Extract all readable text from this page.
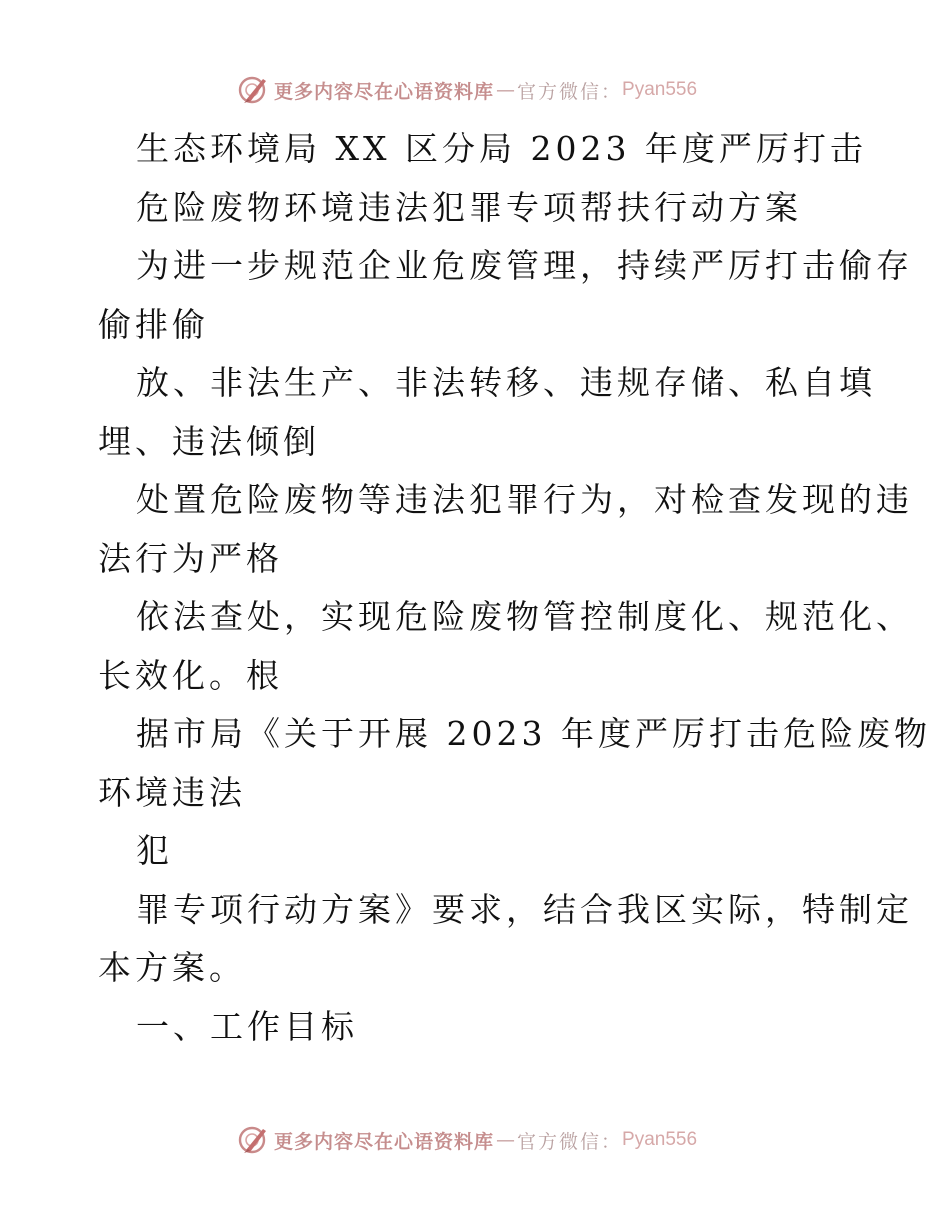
更多内容尽在心语资料库 — 官方微信： Pyan556
生态环境局 XX 区分局 2023 年度严厉打击
危险废物环境违法犯罪专项帮扶行动方案
为进一步规范企业危废管理，持续严厉打击偷存
偷排偷
放、非法生产、非法转移、违规存储、私自填
埋、违法倾倒
处置危险废物等违法犯罪行为，对检查发现的违
法行为严格
依法查处，实现危险废物管控制度化、规范化、
长效化。根
据市局《关于开展 2023 年度严厉打击危险废物
环境违法
犯
罪专项行动方案》要求，结合我区实际，特制定
本方案。
一、工作目标
更多内容尽在心语资料库 — 官方微信： Pyan556
